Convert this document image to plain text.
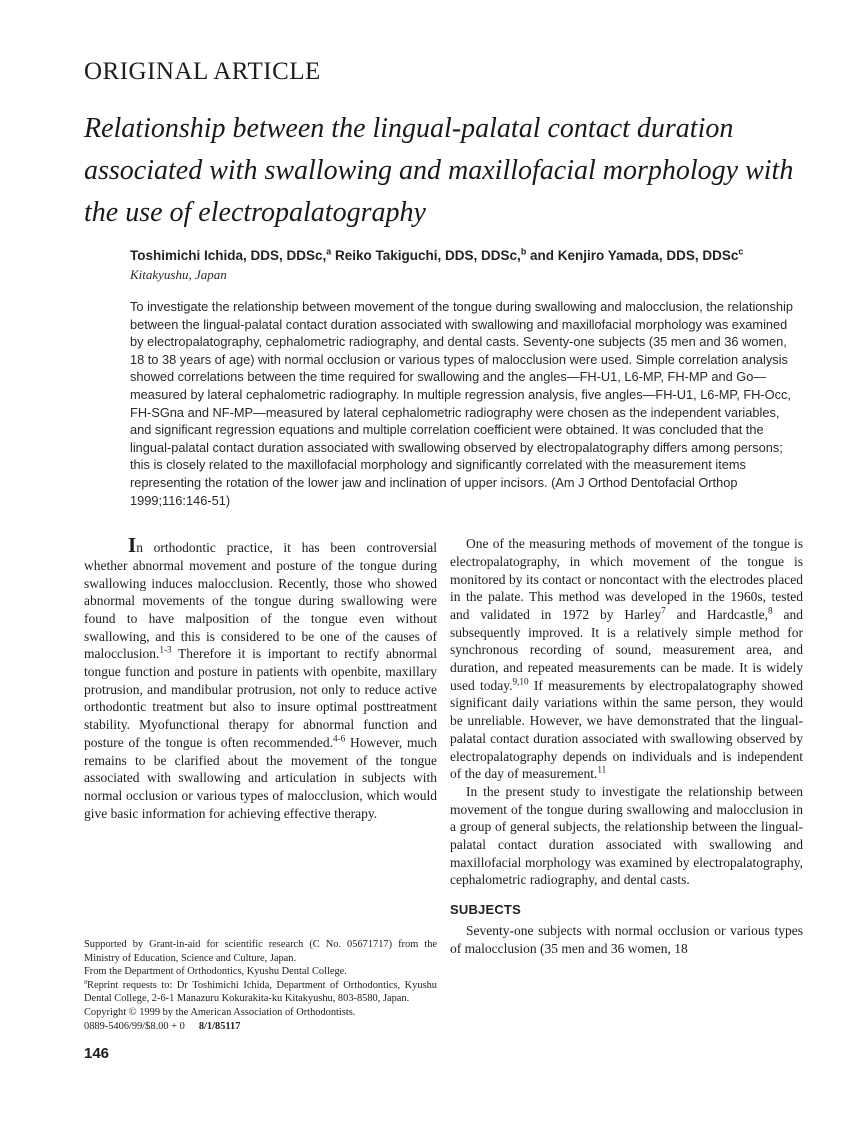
ORIGINAL ARTICLE
Relationship between the lingual-palatal contact duration
associated with swallowing and maxillofacial morphology with
the use of electropalatography

Toshimichi Ichida, DDS, DDSc,$^a$ Reiko Takiguchi, DDS, DDSc,$^b$ and Kenjiro Yamada, DDS, DDSc$^c$

Kitakyushu, Japan

To investigate the relationship between movement of the tongue during swallowing and malocclusion, the relationship between the lingual-palatal contact duration associated with swallowing and maxillofacial morphology was examined by electropalatography, cephalometric radiography, and dental casts. Seventy-one subjects (35 men and 36 women, 18 to 38 years of age) with normal occlusion or various types of malocclusion were used. Simple correlation analysis showed correlations between the time required for swallowing and the angles—FH-U1, L6-MP, FH-MP and Go—measured by lateral cephalometric radiography. In multiple regression analysis, five angles—FH-U1, L6-MP, FH-Occ, FH-SGna and NF-MP—measured by lateral cephalometric radiography were chosen as the independent variables, and significant regression equations and multiple correlation coefficient were obtained. It was concluded that the lingual-palatal contact duration associated with swallowing observed by electropalatography differs among persons; this is closely related to the maxillofacial morphology and significantly correlated with the measurement items representing the rotation of the lower jaw and inclination of upper incisors. (Am J Orthod Dentofacial Orthop 1999;116:146-51)

In orthodontic practice, it has been controversial whether abnormal movement and posture of the tongue during swallowing induces malocclusion. Recently, those who showed abnormal movements of the tongue during swallowing were found to have malposition of the tongue even without swallowing, and this is considered to be one of the causes of malocclusion.$^{1-3}$ Therefore it is important to rectify abnormal tongue function and posture in patients with openbite, maxillary protrusion, and mandibular protrusion, not only to reduce active orthodontic treatment but also to insure optimal posttreatment stability. Myofunctional therapy for abnormal function and posture of the tongue is often recommended.$^{4-6}$ However, much remains to be clarified about the movement of the tongue associated with swallowing and articulation in subjects with normal occlusion or various types of malocclusion, which would give basic information for achieving effective therapy.

Supported by Grant-in-aid for scientific research (C No. 05671717) from the Ministry of Education, Science and Culture, Japan.

From the Department of Orthodontics, Kyushu Dental College.

$^a$Reprint requests to: Dr Toshimichi Ichida, Department of Orthodontics, Kyushu Dental College, 2-6-1 Manazuru Kokurakita-ku Kitakyushu, 803-8580, Japan.

Copyright © 1999 by the American Association of Orthodontists.

0889-5406/99/$8.00 + 0 8/1/85117

146

One of the measuring methods of movement of the tongue is electropalatography, in which movement of the tongue is monitored by its contact or noncontact with the electrodes placed in the palate. This method was developed in the 1960s, tested and validated in 1972 by Harley$^7$ and Hardcastle,$^8$ and subsequently improved. It is a relatively simple method for synchronous recording of sound, measurement area, and duration, and repeated measurements can be made. It is widely used today.$^{9,10}$ If measurements by electropalatography showed significant daily variations within the same person, they would be unreliable. However, we have demonstrated that the lingual-palatal contact duration associated with swallowing observed by electropalatography depends on individuals and is independent of the day of measurement.$^{11}$

In the present study to investigate the relationship between movement of the tongue during swallowing and malocclusion in a group of general subjects, the relationship between the lingual-palatal contact duration associated with swallowing and maxillofacial morphology was examined by electropalatography, cephalometric radiography, and dental casts.

SUBJECTS

Seventy-one subjects with normal occlusion or various types of malocclusion (35 men and 36 women, 18
